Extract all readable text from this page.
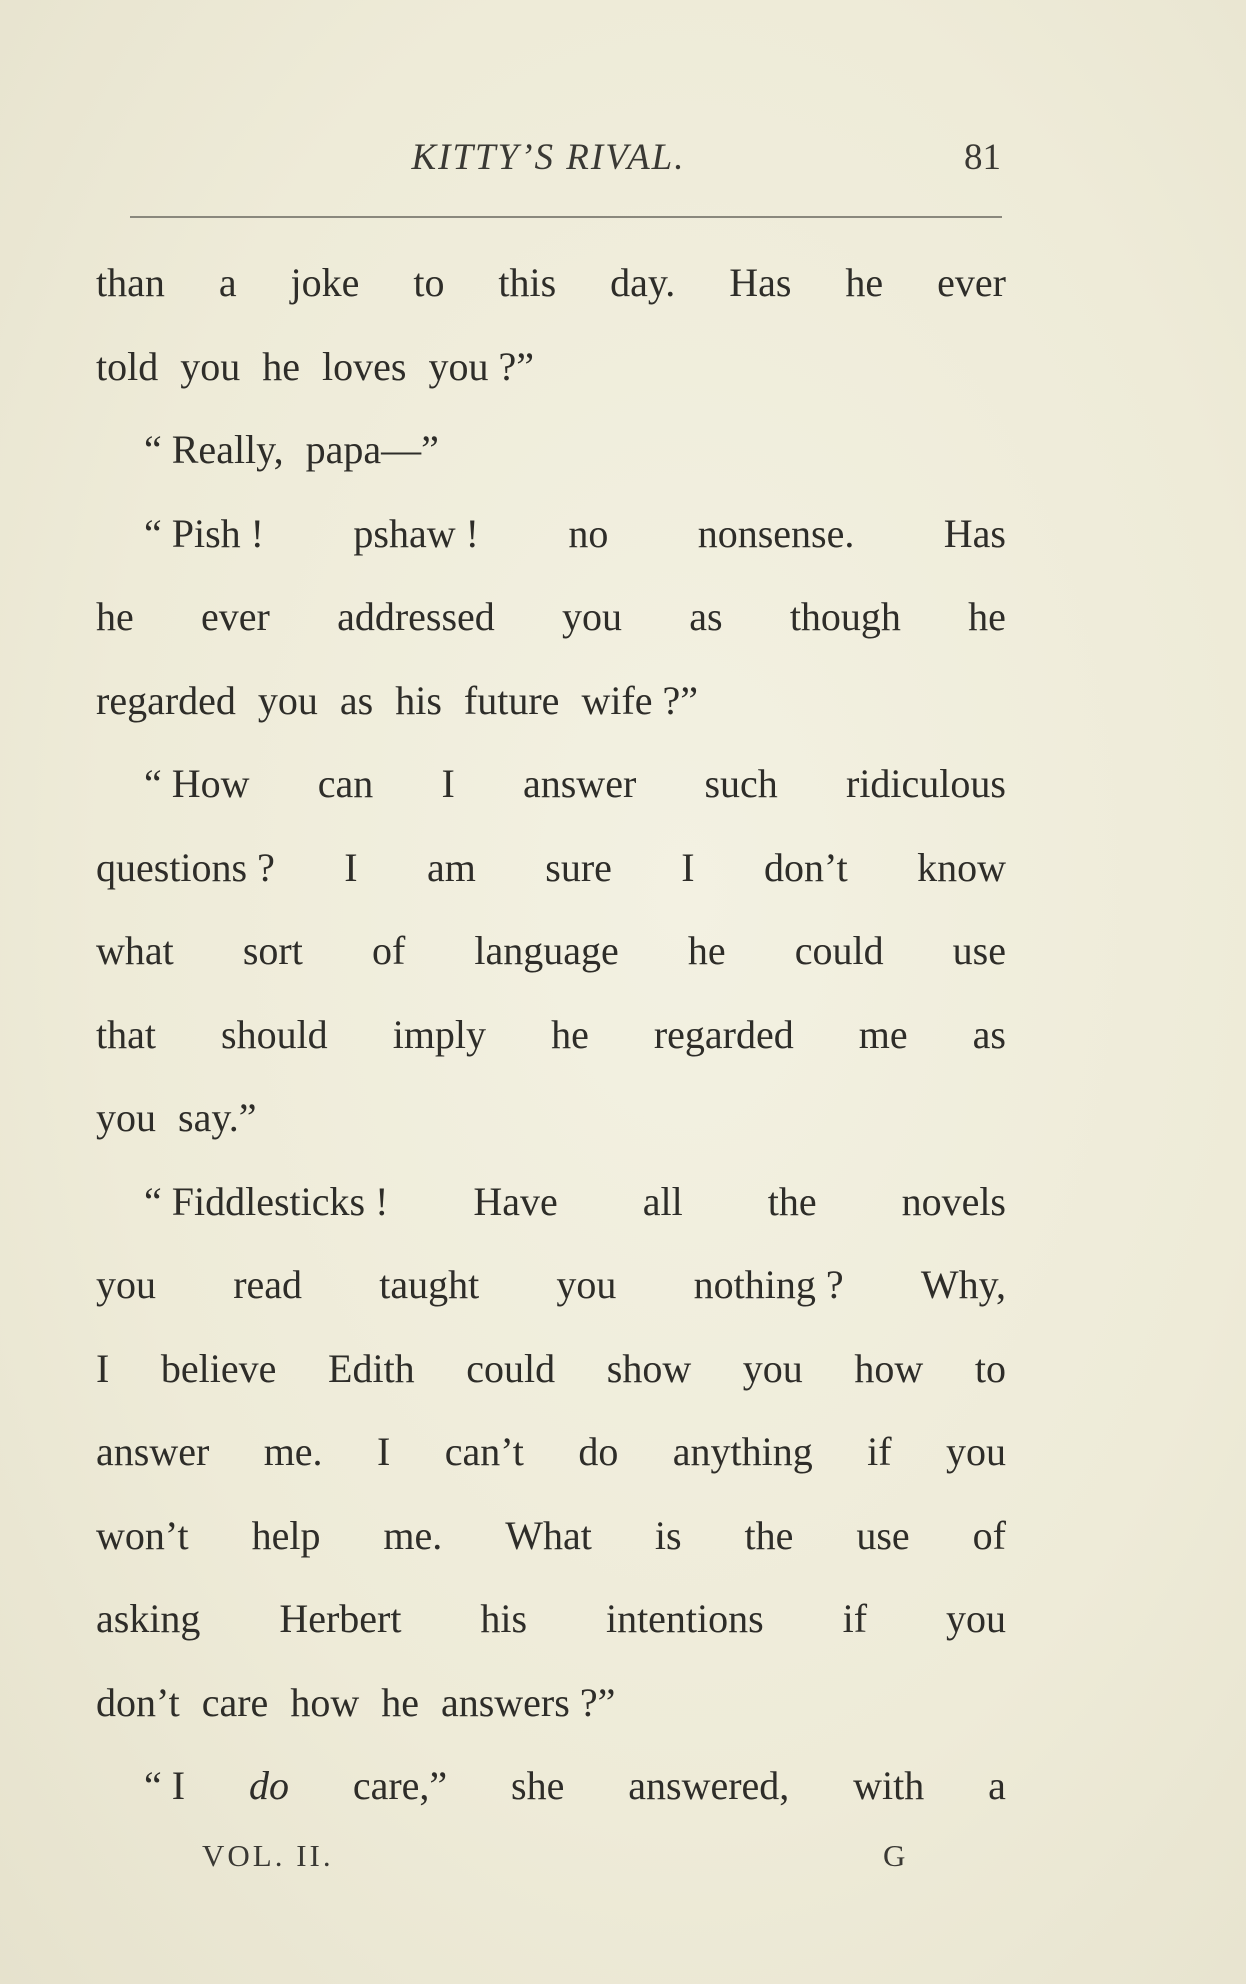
KITTY’S RIVAL.	81
than a joke to this day. Has he ever
told you he loves you ?”
“ Really, papa—”
“ Pish ! pshaw ! no nonsense. Has
he ever addressed you as though he
regarded you as his future wife ?”
“ How can I answer such ridiculous
questions ? I am sure I don’t know
what sort of language he could use
that should imply he regarded me as
you say.”
“ Fiddlesticks ! Have all the novels
you read taught you nothing ? Why,
I believe Edith could show you how to
answer me. I can’t do anything if you
won’t help me. What is the use of
asking Herbert his intentions if you
don’t care how he answers ?”
“ I do care,” she answered, with a
VOL. II.	G
